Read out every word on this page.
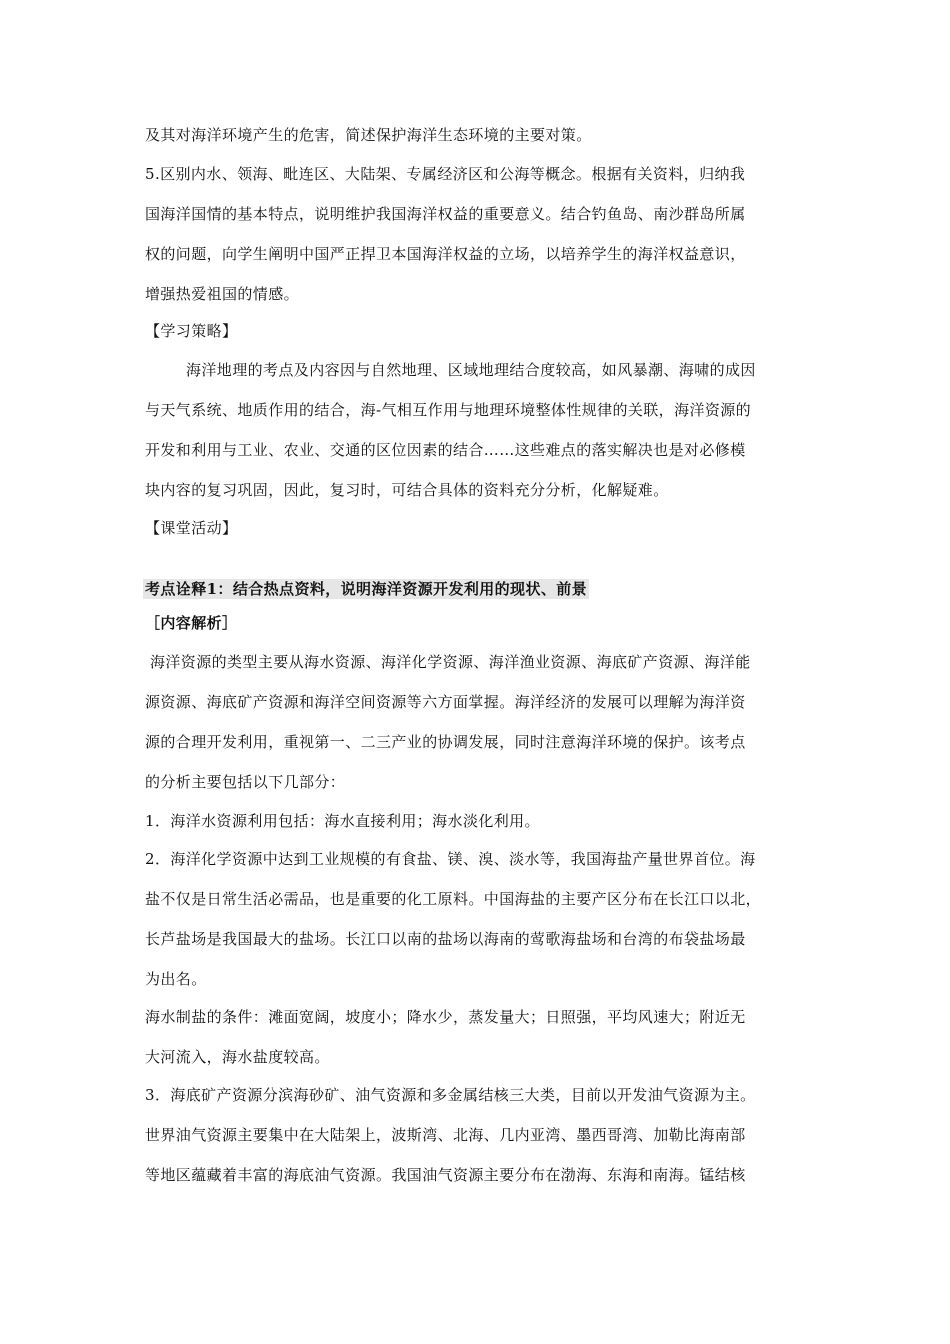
及其对海洋环境产生的危害，简述保护海洋生态环境的主要对策。
5.区别内水、领海、毗连区、大陆架、专属经济区和公海等概念。根据有关资料，归纳我
国海洋国情的基本特点，说明维护我国海洋权益的重要意义。结合钓鱼岛、南沙群岛所属
权的问题，向学生阐明中国严正捍卫本国海洋权益的立场，以培养学生的海洋权益意识，
增强热爱祖国的情感。
【学习策略】
海洋地理的考点及内容因与自然地理、区域地理结合度较高，如风暴潮、海啸的成因
与天气系统、地质作用的结合，海-气相互作用与地理环境整体性规律的关联，海洋资源的
开发和利用与工业、农业、交通的区位因素的结合……这些难点的落实解决也是对必修模
块内容的复习巩固，因此，复习时，可结合具体的资料充分分析，化解疑难。
【课堂活动】
考点诠释1：结合热点资料，说明海洋资源开发利用的现状、前景
［内容解析］
海洋资源的类型主要从海水资源、海洋化学资源、海洋渔业资源、海底矿产资源、海洋能
源资源、海底矿产资源和海洋空间资源等六方面掌握。海洋经济的发展可以理解为海洋资
源的合理开发利用，重视第一、二三产业的协调发展，同时注意海洋环境的保护。该考点
的分析主要包括以下几部分：
1．海洋水资源利用包括：海水直接利用；海水淡化利用。
2．海洋化学资源中达到工业规模的有食盐、镁、溴、淡水等，我国海盐产量世界首位。海
盐不仅是日常生活必需品，也是重要的化工原料。中国海盐的主要产区分布在长江口以北，
长芦盐场是我国最大的盐场。长江口以南的盐场以海南的莺歌海盐场和台湾的布袋盐场最
为出名。
海水制盐的条件：滩面宽阔，坡度小；降水少，蒸发量大；日照强，平均风速大；附近无
大河流入，海水盐度较高。
3．海底矿产资源分滨海砂矿、油气资源和多金属结核三大类，目前以开发油气资源为主。
世界油气资源主要集中在大陆架上，波斯湾、北海、几内亚湾、墨西哥湾、加勒比海南部
等地区蕴藏着丰富的海底油气资源。我国油气资源主要分布在渤海、东海和南海。锰结核
